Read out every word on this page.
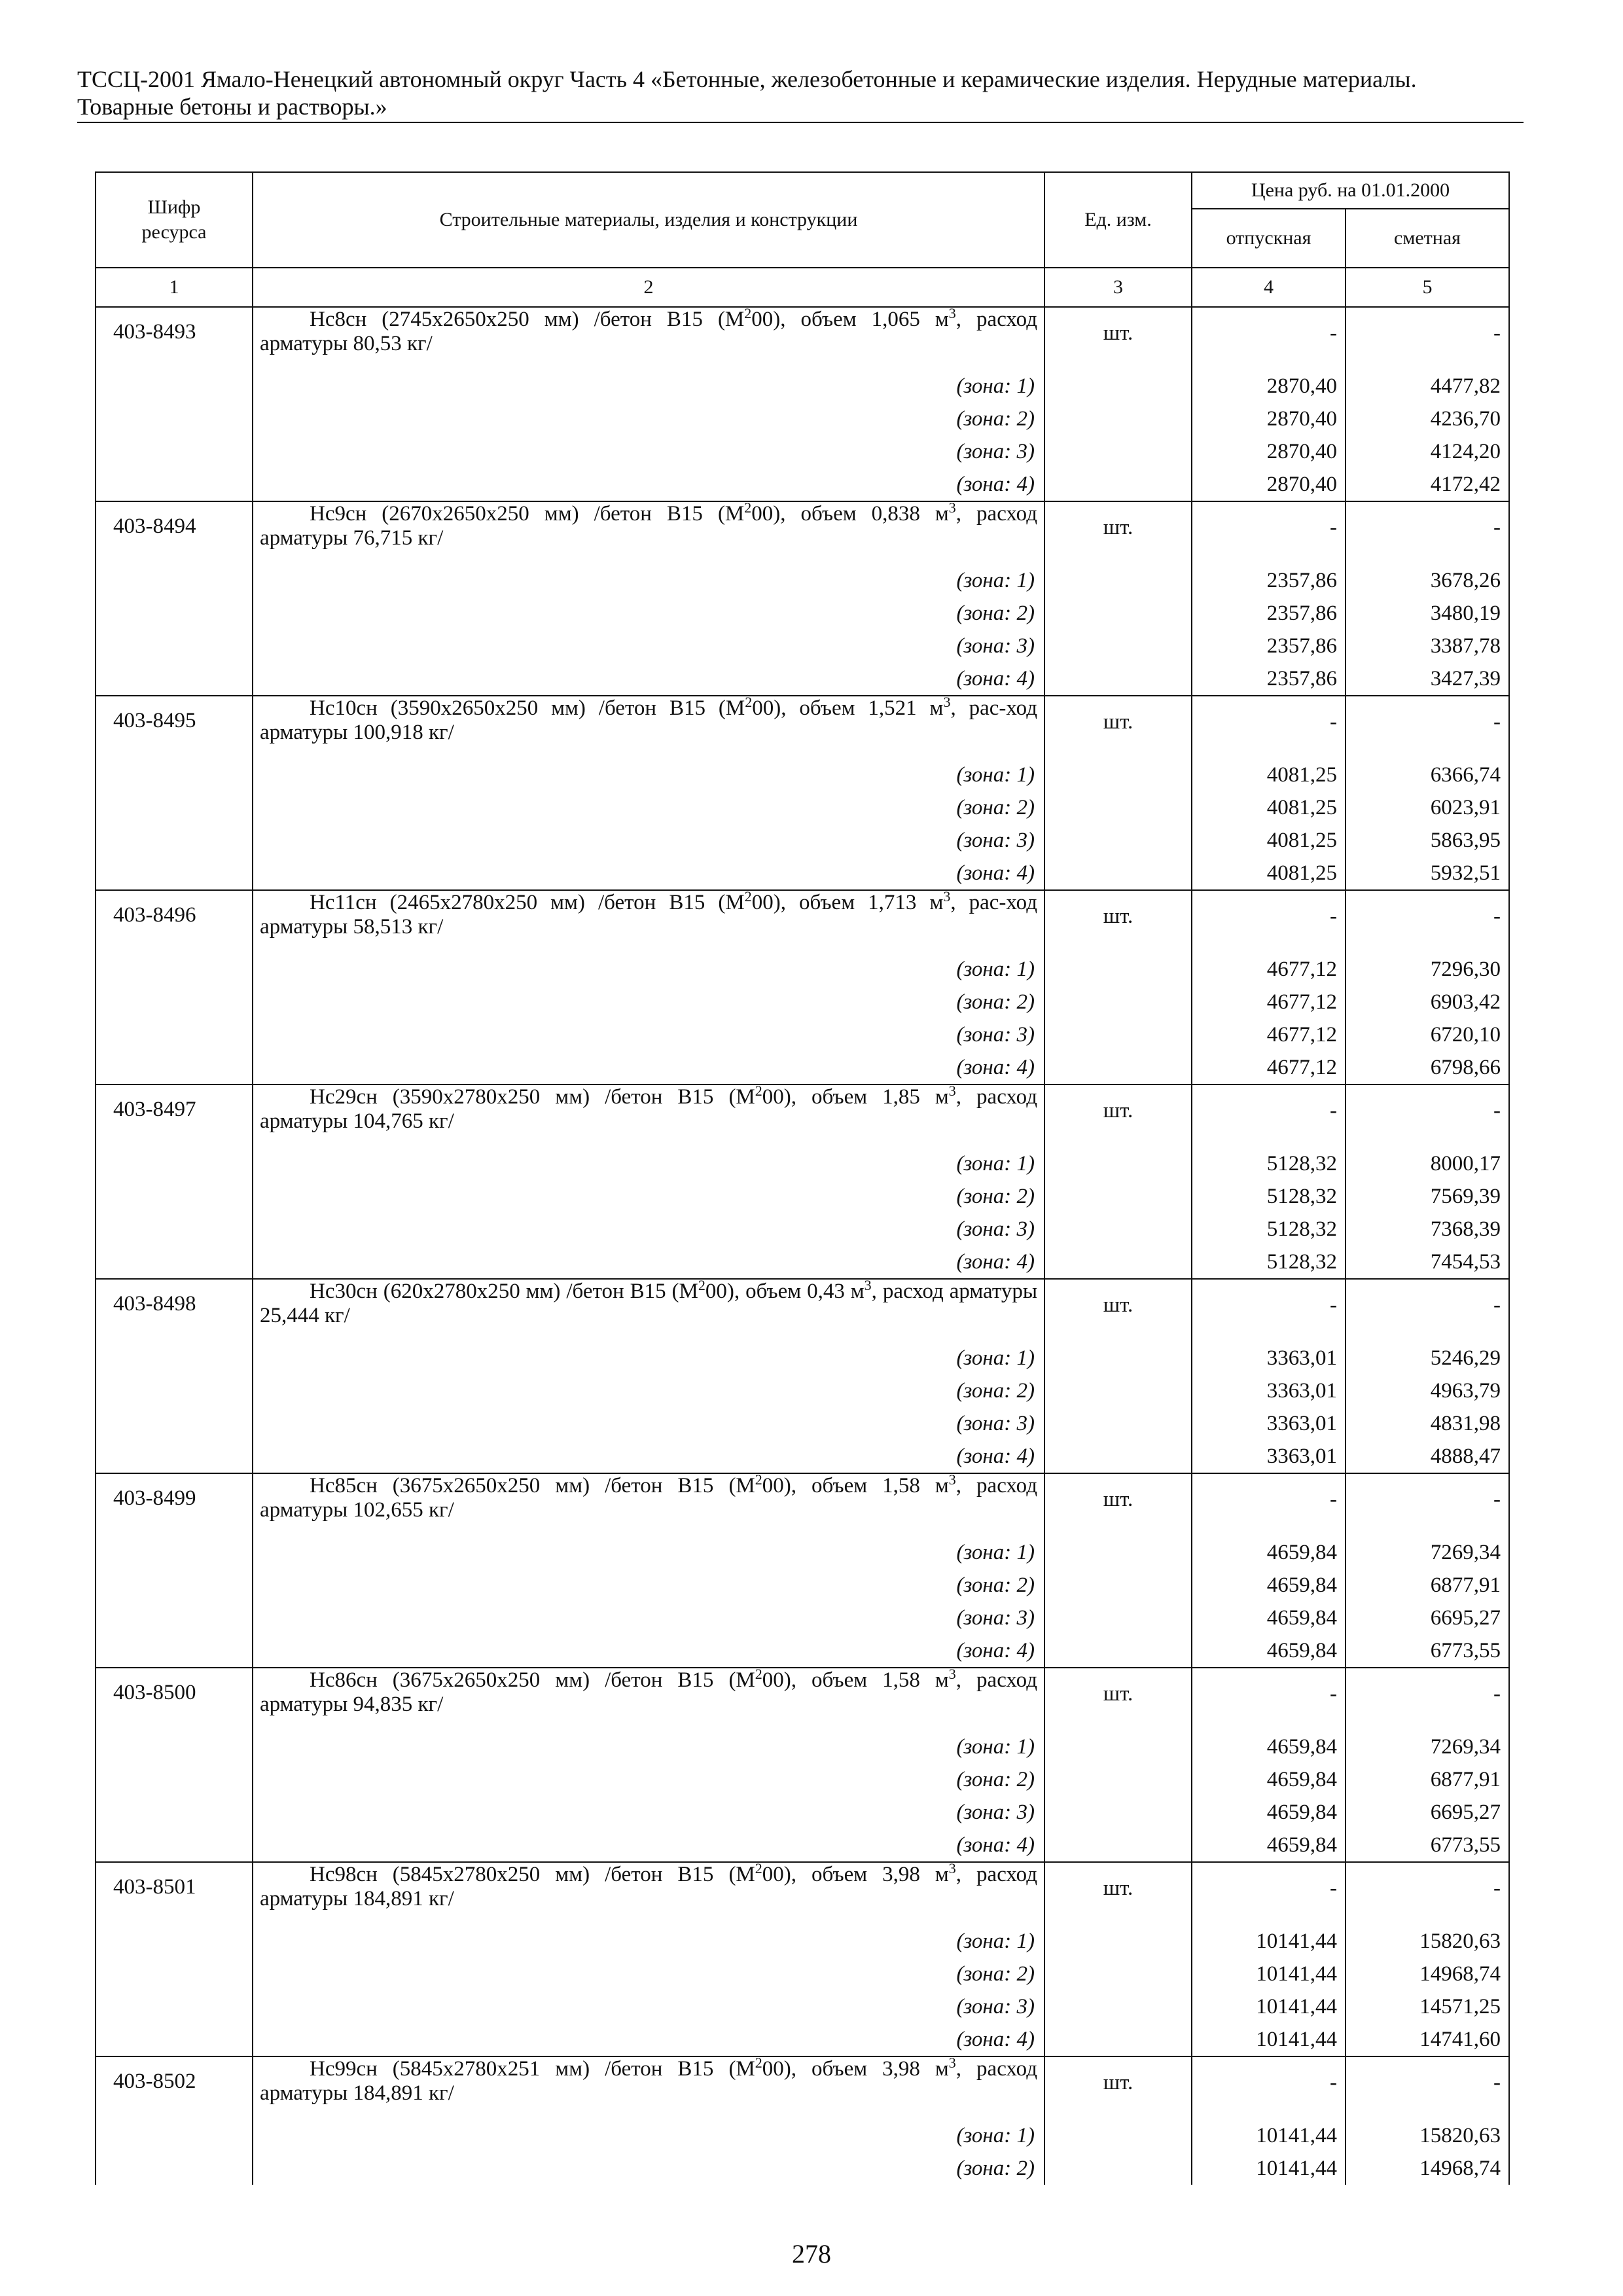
ТССЦ-2001 Ямало-Ненецкий автономный округ Часть 4 «Бетонные, железобетонные и керамические изделия. Нерудные материалы.
Товарные бетоны и растворы.»
Шифр ресурса	Строительные материалы, изделия и конструкции	Ед. изм.	Цена руб. на 01.01.2000	
			отпускная	сметная
1	2	3	4	5
403-8493	Нс8сн (2745х2650х250 мм) /бетон В15 $(М^200)$, объем 1,065 $м^3$, расход арматуры 80,53 кг/	шт.	-	-
	(зона: 1)		2870,40	4477,82
	(зона: 2)		2870,40	4236,70
	(зона: 3)		2870,40	4124,20
	(зона: 4)		2870,40	4172,42
403-8494	Нс9сн (2670х2650х250 мм) /бетон В15 $(М^200)$, объем 0,838 $м^3$, расход арматуры 76,715 кг/	шт.	-	-
	(зона: 1)		2357,86	3678,26
	(зона: 2)		2357,86	3480,19
	(зона: 3)		2357,86	3387,78
	(зона: 4)		2357,86	3427,39
403-8495	Нс10сн (3590х2650х250 мм) /бетон В15 $(М^200)$, объем 1,521 $м^3$, рас-ход арматуры 100,918 кг/	шт.	-	-
	(зона: 1)		4081,25	6366,74
	(зона: 2)		4081,25	6023,91
	(зона: 3)		4081,25	5863,95
	(зона: 4)		4081,25	5932,51
403-8496	Нс11сн (2465х2780х250 мм) /бетон В15 $(М^200)$, объем 1,713 $м^3$, рас-ход арматуры 58,513 кг/	шт.	-	-
	(зона: 1)		4677,12	7296,30
	(зона: 2)		4677,12	6903,42
	(зона: 3)		4677,12	6720,10
	(зона: 4)		4677,12	6798,66
403-8497	Нс29сн (3590х2780х250 мм) /бетон В15 $(М^200)$, объем 1,85 $м^3$, расход арматуры 104,765 кг/	шт.	-	-
	(зона: 1)		5128,32	8000,17
	(зона: 2)		5128,32	7569,39
	(зона: 3)		5128,32	7368,39
	(зона: 4)		5128,32	7454,53
403-8498	Нс30сн (620х2780х250 мм) /бетон В15 $(М^200)$, объем 0,43 $м^3$, расход арматуры 25,444 кг/	шт.	-	-
	(зона: 1)		3363,01	5246,29
	(зона: 2)		3363,01	4963,79
	(зона: 3)		3363,01	4831,98
	(зона: 4)		3363,01	4888,47
403-8499	Нс85сн (3675х2650х250 мм) /бетон В15 $(М^200)$, объем 1,58 $м^3$, расход арматуры 102,655 кг/	шт.	-	-
	(зона: 1)		4659,84	7269,34
	(зона: 2)		4659,84	6877,91
	(зона: 3)		4659,84	6695,27
	(зона: 4)		4659,84	6773,55
403-8500	Нс86сн (3675х2650х250 мм) /бетон В15 $(М^200)$, объем 1,58 $м^3$, расход арматуры 94,835 кг/	шт.	-	-
	(зона: 1)		4659,84	7269,34
	(зона: 2)		4659,84	6877,91
	(зона: 3)		4659,84	6695,27
	(зона: 4)		4659,84	6773,55
403-8501	Нс98сн (5845х2780х250 мм) /бетон В15 $(М^200)$, объем 3,98 $м^3$, расход арматуры 184,891 кг/	шт.	-	-
	(зона: 1)		10141,44	15820,63
	(зона: 2)		10141,44	14968,74
	(зона: 3)		10141,44	14571,25
	(зона: 4)		10141,44	14741,60
403-8502	Нс99сн (5845х2780х251 мм) /бетон В15 $(М^200)$, объем 3,98 $м^3$, расход арматуры 184,891 кг/	шт.	-	-
	(зона: 1)		10141,44	15820,63
	(зона: 2)		10141,44	14968,74
278
